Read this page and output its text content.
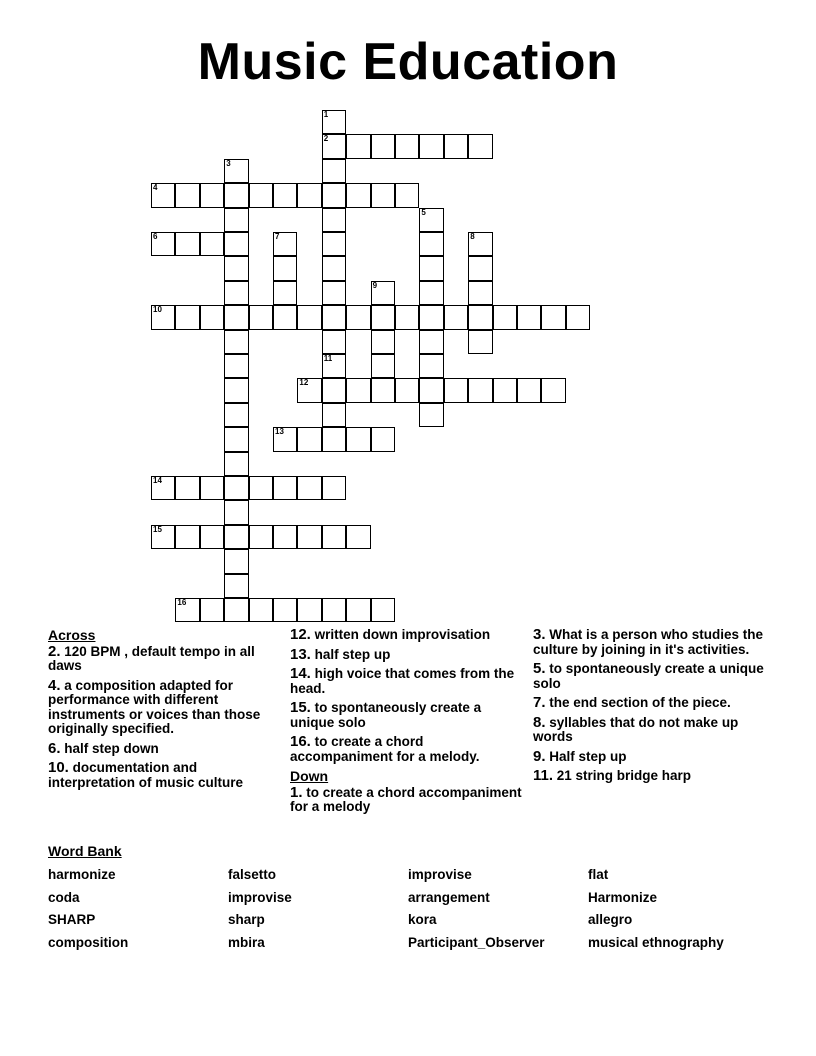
Music Education
1
2
3
4
5
6	7	8
9
10
11
12
13
14
15
16
Across
2. 120 BPM , default tempo in all daws
4. a composition adapted for performance with different instruments or voices than those originally specified.
6. half step down
10. documentation and interpretation of music culture
12. written down improvisation
13. half step up
14. high voice that comes from the head.
15. to spontaneously create a unique solo
16. to create a chord accompaniment for a melody.
Down
1. to create a chord accompaniment for a melody
3. What is a person who studies the culture by joining in it's activities.
5. to spontaneously create a unique solo
7. the end section of the piece.
8. syllables that do not make up words
9. Half step up
11. 21 string bridge harp
Word Bank
harmonize	falsetto	improvise	flat
coda	improvise	arrangement	Harmonize
SHARP	sharp	kora	allegro
composition	mbira	Participant_Observer	musical ethnography
